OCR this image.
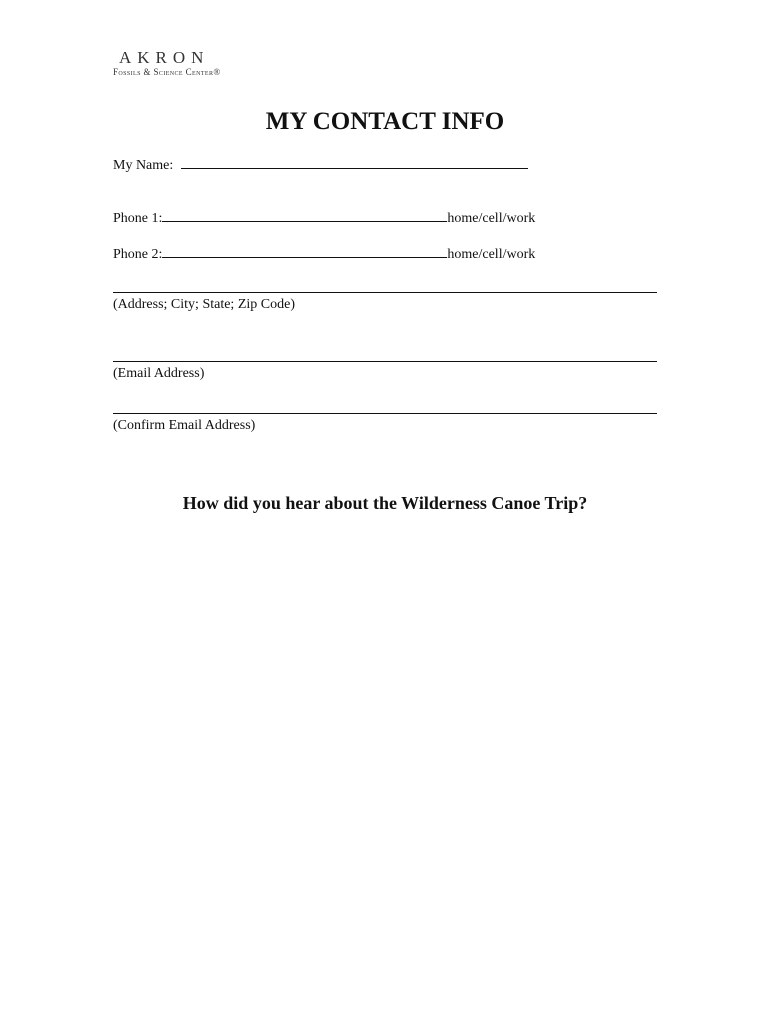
AKRON
Fossils & Science Center®
MY CONTACT INFO
My Name:
Phone 1:	home/cell/work
Phone 2:	home/cell/work
(Address; City; State; Zip Code)
(Email Address)
(Confirm Email Address)
How did you hear about the Wilderness Canoe Trip?
